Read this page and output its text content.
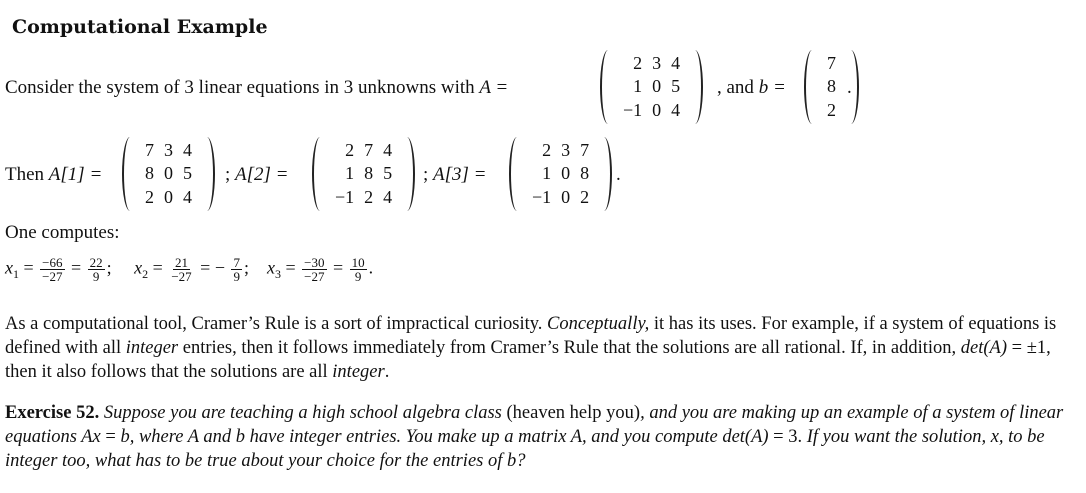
Computational Example
Consider the system of 3 linear equations in 3 unknowns with A =
2 3 4
1 0 5
−1 0 4
, and b =
7
8
2
.
Then A[1] =
7 3 4
8 0 5
2 0 4
; A[2] =
2 7 4
1 8 5
−1 2 4
; A[3] =
2 3 7
1 0 8
−1 0 2
.
One computes:
$x_1 = \frac{-66}{-27} = \frac{22}{9}$ ; $x_2 = \frac{21}{-27}$ = − $\frac{7}{9}$ ; $x_3 = \frac{-30}{-27} = \frac{10}{9}$ .
As a computational tool, Cramer’s Rule is a sort of impractical curiosity. Conceptually, it has its uses. For example, if a system of equations is defined with all integer entries, then it follows immediately from Cramer’s Rule that the solutions are all rational. If, in addition, det(A) = ±1, then it also follows that the solutions are all integer.
Exercise 52. Suppose you are teaching a high school algebra class (heaven help you), and you are making up an example of a system of linear equations Ax = b, where A and b have integer entries. You make up a matrix A, and you compute det(A) = 3. If you want the solution, x, to be integer too, what has to be true about your choice for the entries of b?
